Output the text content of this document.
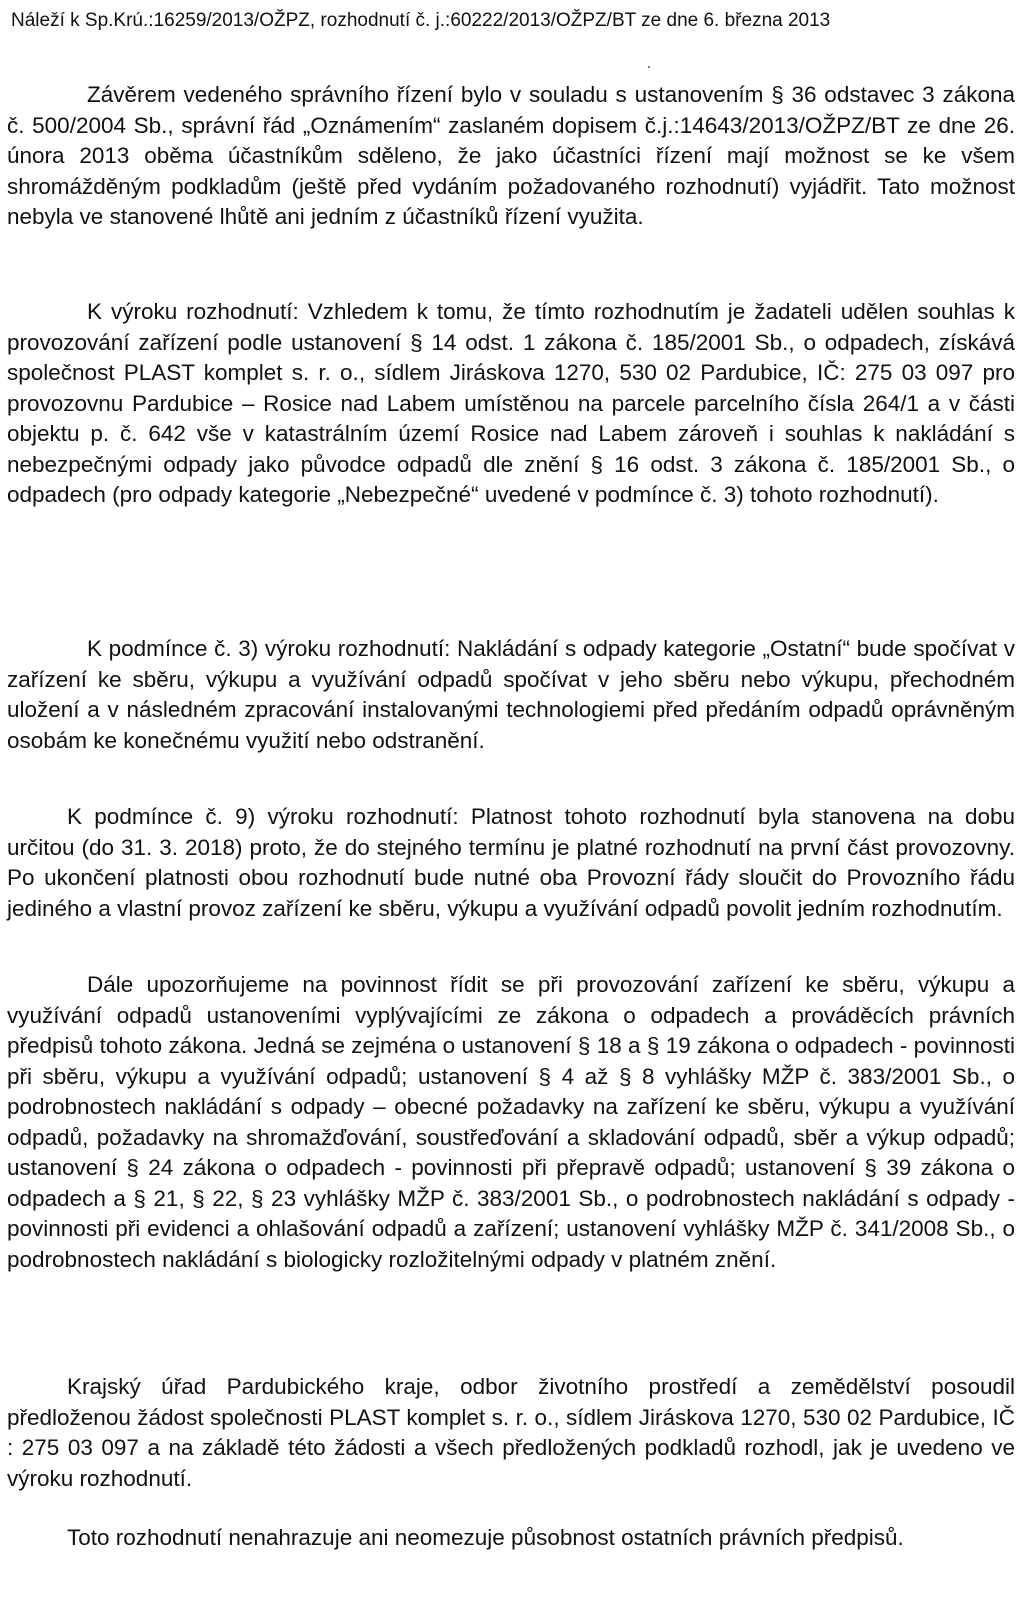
Náleží k Sp.Krú.:16259/2013/OŽPZ, rozhodnutí č. j.:60222/2013/OŽPZ/BT ze dne 6. března 2013

Závěrem vedeného správního řízení bylo v souladu s ustanovením § 36 odstavec 3 zákona č. 500/2004 Sb., správní řád „Oznámením“ zaslaném dopisem č.j.:14643/2013/OŽPZ/BT ze dne 26. února 2013 oběma účastníkům sděleno, že jako účastníci řízení mají možnost se ke všem shromážděným podkladům (ještě před vydáním požadovaného rozhodnutí) vyjádřit. Tato možnost nebyla ve stanovené lhůtě ani jedním z účastníků řízení využita.

K výroku rozhodnutí: Vzhledem k tomu, že tímto rozhodnutím je žadateli udělen souhlas k provozování zařízení podle ustanovení § 14 odst. 1 zákona č. 185/2001 Sb., o odpadech, získává společnost PLAST komplet s. r. o., sídlem Jiráskova 1270, 530 02 Pardubice, IČ: 275 03 097 pro provozovnu Pardubice – Rosice nad Labem umístěnou na parcele parcelního čísla 264/1 a v části objektu p. č. 642 vše v katastrálním území Rosice nad Labem zároveň i souhlas k nakládání s nebezpečnými odpady jako původce odpadů dle znění § 16 odst. 3 zákona č. 185/2001 Sb., o odpadech (pro odpady kategorie „Nebezpečné“ uvedené v podmínce č. 3) tohoto rozhodnutí).

K podmínce č. 3) výroku rozhodnutí: Nakládání s odpady kategorie „Ostatní“ bude spočívat v zařízení ke sběru, výkupu a využívání odpadů spočívat v jeho sběru nebo výkupu, přechodném uložení a v následném zpracování instalovanými technologiemi před předáním odpadů oprávněným osobám ke konečnému využití nebo odstranění.

K podmínce č. 9) výroku rozhodnutí: Platnost tohoto rozhodnutí byla stanovena na dobu určitou (do 31. 3. 2018) proto, že do stejného termínu je platné rozhodnutí na první část provozovny. Po ukončení platnosti obou rozhodnutí bude nutné oba Provozní řády sloučit do Provozního řádu jediného a vlastní provoz zařízení ke sběru, výkupu a využívání odpadů povolit jedním rozhodnutím.

Dále upozorňujeme na povinnost řídit se při provozování zařízení ke sběru, výkupu a využívání odpadů ustanoveními vyplývajícími ze zákona o odpadech a prováděcích právních předpisů tohoto zákona. Jedná se zejména o ustanovení § 18 a § 19 zákona o odpadech - povinnosti při sběru, výkupu a využívání odpadů; ustanovení § 4 až § 8 vyhlášky MŽP č. 383/2001 Sb., o podrobnostech nakládání s odpady – obecné požadavky na zařízení ke sběru, výkupu a využívání odpadů, požadavky na shromažďování, soustřeďování a skladování odpadů, sběr a výkup odpadů; ustanovení § 24 zákona o odpadech - povinnosti při přepravě odpadů; ustanovení § 39 zákona o odpadech a § 21, § 22, § 23 vyhlášky MŽP č. 383/2001 Sb., o podrobnostech nakládání s odpady - povinnosti při evidenci a ohlašování odpadů a zařízení; ustanovení vyhlášky MŽP č. 341/2008 Sb., o podrobnostech nakládání s biologicky rozložitelnými odpady v platném znění.

Krajský úřad Pardubického kraje, odbor životního prostředí a zemědělství posoudil předloženou žádost společnosti PLAST komplet s. r. o., sídlem Jiráskova 1270, 530 02 Pardubice, IČ : 275 03 097 a na základě této žádosti a všech předložených podkladů rozhodl, jak je uvedeno ve výroku rozhodnutí.

Toto rozhodnutí nenahrazuje ani neomezuje působnost ostatních právních předpisů.
